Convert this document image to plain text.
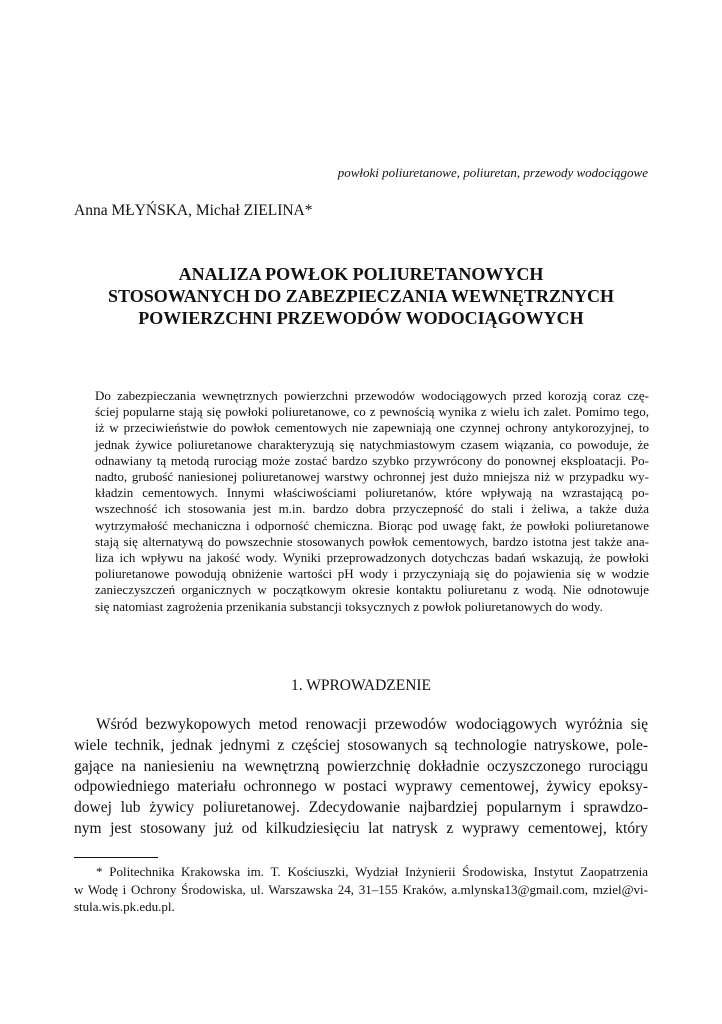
powłoki poliuretanowe, poliuretan, przewody wodociągowe
Anna MŁYŃSKA, Michał ZIELINA*
ANALIZA POWŁOK POLIURETANOWYCH
STOSOWANYCH DO ZABEZPIECZANIA WEWNĘTRZNYCH
POWIERZCHNI PRZEWODÓW WODOCIĄGOWYCH
Do zabezpieczania wewnętrznych powierzchni przewodów wodociągowych przed korozją coraz czę-
ściej popularne stają się powłoki poliuretanowe, co z pewnością wynika z wielu ich zalet. Pomimo tego,
iż w przeciwieństwie do powłok cementowych nie zapewniają one czynnej ochrony antykorozyjnej, to
jednak żywice poliuretanowe charakteryzują się natychmiastowym czasem wiązania, co powoduje, że
odnawiany tą metodą rurociąg może zostać bardzo szybko przywrócony do ponownej eksploatacji. Po-
nadto, grubość naniesionej poliuretanowej warstwy ochronnej jest dużo mniejsza niż w przypadku wy-
kładzin cementowych. Innymi właściwościami poliuretanów, które wpływają na wzrastającą po-
wszechność ich stosowania jest m.in. bardzo dobra przyczepność do stali i żeliwa, a także duża
wytrzymałość mechaniczna i odporność chemiczna. Biorąc pod uwagę fakt, że powłoki poliuretanowe
stają się alternatywą do powszechnie stosowanych powłok cementowych, bardzo istotna jest także ana-
liza ich wpływu na jakość wody. Wyniki przeprowadzonych dotychczas badań wskazują, że powłoki
poliuretanowe powodują obniżenie wartości pH wody i przyczyniają się do pojawienia się w wodzie
zanieczyszczeń organicznych w początkowym okresie kontaktu poliuretanu z wodą. Nie odnotowuje
się natomiast zagrożenia przenikania substancji toksycznych z powłok poliuretanowych do wody.
1. WPROWADZENIE
Wśród bezwykopowych metod renowacji przewodów wodociągowych wyróżnia się
wiele technik, jednak jednymi z częściej stosowanych są technologie natryskowe, pole-
gające na naniesieniu na wewnętrzną powierzchnię dokładnie oczyszczonego rurociągu
odpowiedniego materiału ochronnego w postaci wyprawy cementowej, żywicy epoksy-
dowej lub żywicy poliuretanowej. Zdecydowanie najbardziej popularnym i sprawdzo-
nym jest stosowany już od kilkudziesięciu lat natrysk z wyprawy cementowej, który
* Politechnika Krakowska im. T. Kościuszki, Wydział Inżynierii Środowiska, Instytut Zaopatrzenia
w Wodę i Ochrony Środowiska, ul. Warszawska 24, 31–155 Kraków, a.mlynska13@gmail.com, mziel@vi-
stula.wis.pk.edu.pl.
